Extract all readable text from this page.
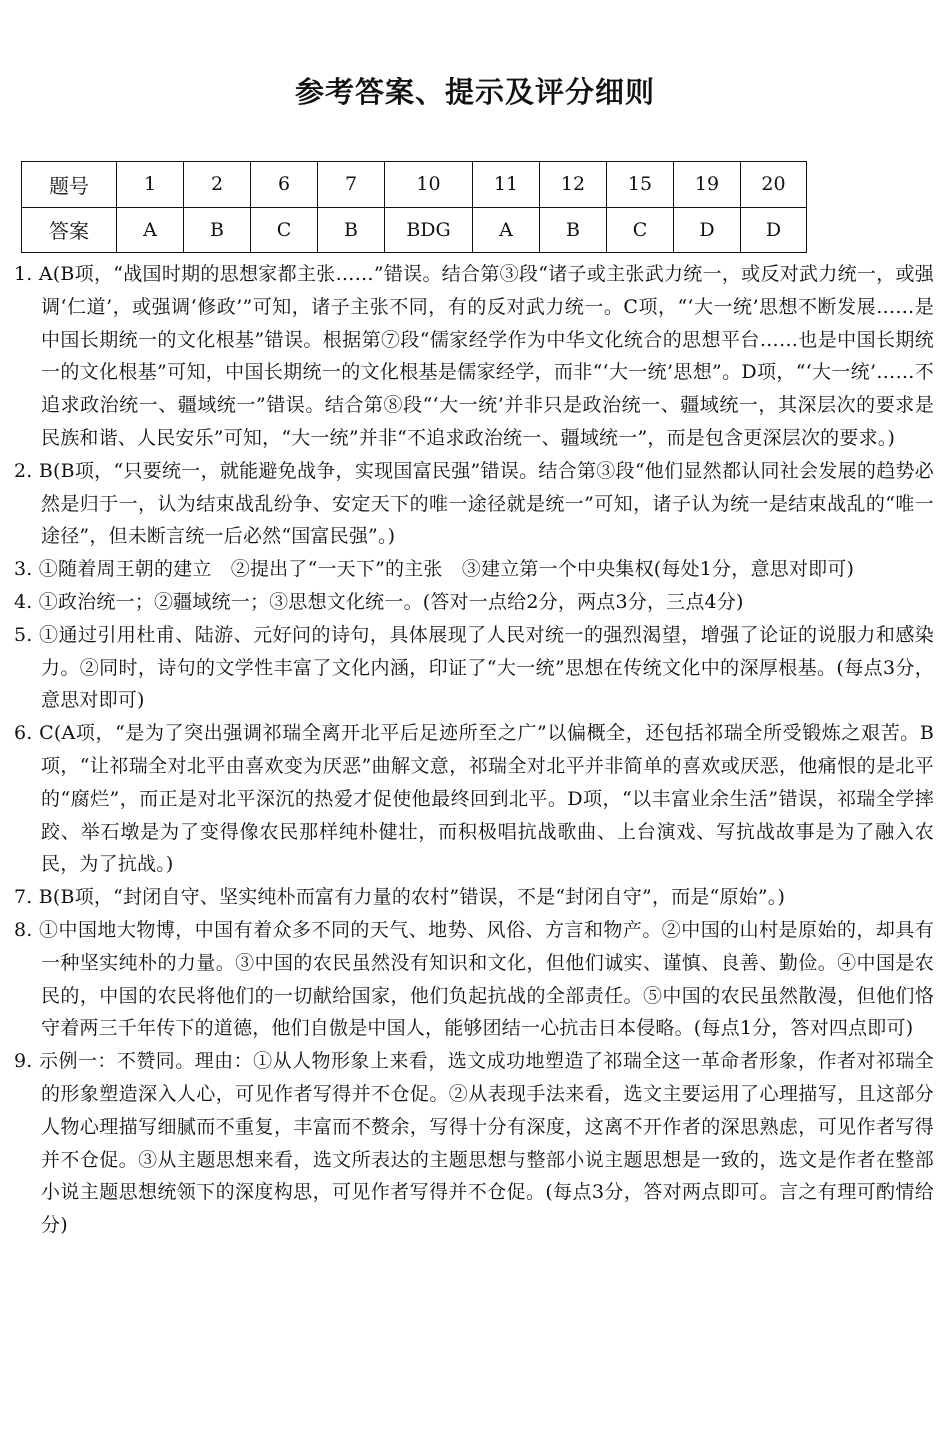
参考答案、提示及评分细则
题号	1	2	6	7	10	11	12	15	19	20
答案	A	B	C	B	BDG	A	B	C	D	D

1. A(B项，“战国时期的思想家都主张……”错误。结合第③段“诸子或主张武力统一，或反对武力统一，或强调‘仁道’，或强调‘修政’”可知，诸子主张不同，有的反对武力统一。C项，“‘大一统’思想不断发展……是中国长期统一的文化根基”错误。根据第⑦段“儒家经学作为中华文化统合的思想平台……也是中国长期统一的文化根基”可知，中国长期统一的文化根基是儒家经学，而非“‘大一统’思想”。D项，“‘大一统’……不追求政治统一、疆域统一”错误。结合第⑧段“‘大一统’并非只是政治统一、疆域统一，其深层次的要求是民族和谐、人民安乐”可知，“大一统”并非“不追求政治统一、疆域统一”，而是包含更深层次的要求。)

2. B(B项，“只要统一，就能避免战争，实现国富民强”错误。结合第③段“他们显然都认同社会发展的趋势必然是归于一，认为结束战乱纷争、安定天下的唯一途径就是统一”可知，诸子认为统一是结束战乱的“唯一途径”，但未断言统一后必然“国富民强”。)

3. ①随着周王朝的建立　②提出了“一天下”的主张　③建立第一个中央集权(每处1分，意思对即可)

4. ①政治统一；②疆域统一；③思想文化统一。(答对一点给2分，两点3分，三点4分)

5. ①通过引用杜甫、陆游、元好问的诗句，具体展现了人民对统一的强烈渴望，增强了论证的说服力和感染力。②同时，诗句的文学性丰富了文化内涵，印证了“大一统”思想在传统文化中的深厚根基。(每点3分，意思对即可)

6. C(A项，“是为了突出强调祁瑞全离开北平后足迹所至之广”以偏概全，还包括祁瑞全所受锻炼之艰苦。B项，“让祁瑞全对北平由喜欢变为厌恶”曲解文意，祁瑞全对北平并非简单的喜欢或厌恶，他痛恨的是北平的“腐烂”，而正是对北平深沉的热爱才促使他最终回到北平。D项，“以丰富业余生活”错误，祁瑞全学摔跤、举石墩是为了变得像农民那样纯朴健壮，而积极唱抗战歌曲、上台演戏、写抗战故事是为了融入农民，为了抗战。)

7. B(B项，“封闭自守、坚实纯朴而富有力量的农村”错误，不是“封闭自守”，而是“原始”。)

8. ①中国地大物博，中国有着众多不同的天气、地势、风俗、方言和物产。②中国的山村是原始的，却具有一种坚实纯朴的力量。③中国的农民虽然没有知识和文化，但他们诚实、谨慎、良善、勤俭。④中国是农民的，中国的农民将他们的一切献给国家，他们负起抗战的全部责任。⑤中国的农民虽然散漫，但他们恪守着两三千年传下的道德，他们自傲是中国人，能够团结一心抗击日本侵略。(每点1分，答对四点即可)

9. 示例一：不赞同。理由：①从人物形象上来看，选文成功地塑造了祁瑞全这一革命者形象，作者对祁瑞全的形象塑造深入人心，可见作者写得并不仓促。②从表现手法来看，选文主要运用了心理描写，且这部分人物心理描写细腻而不重复，丰富而不赘余，写得十分有深度，这离不开作者的深思熟虑，可见作者写得并不仓促。③从主题思想来看，选文所表达的主题思想与整部小说主题思想是一致的，选文是作者在整部小说主题思想统领下的深度构思，可见作者写得并不仓促。(每点3分，答对两点即可。言之有理可酌情给分)
